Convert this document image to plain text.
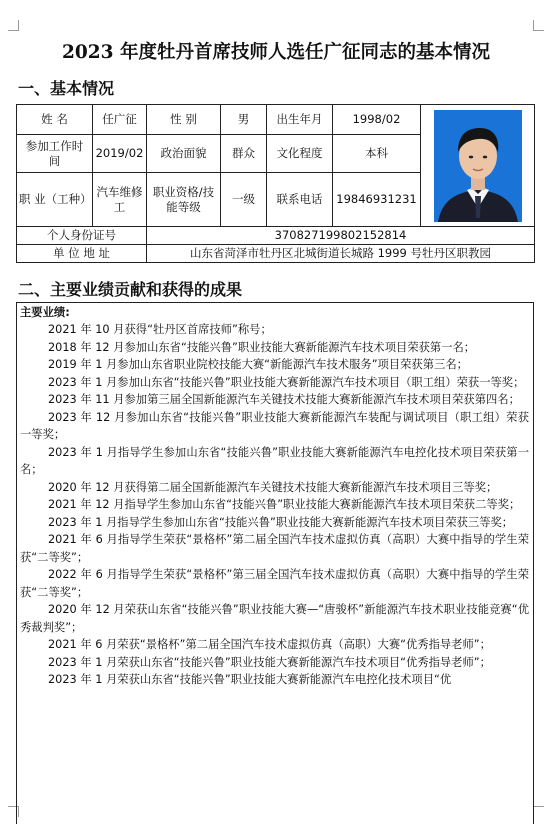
2023 年度牡丹首席技师人选任广征同志的基本情况
一、基本情况
姓 名	任广征	性 别	男	出生年月	1998/02	

参加工作时 间	2019/02	政治面貌	群众	文化程度	本科	
职 业（工种）	汽车维修工	职业资格/技能等级	一级	联系电话	19846931231	
个人身份证号		370827199802152814				
单 位 地 址		山东省菏泽市牡丹区北城街道长城路 1999 号牡丹区职教园				
二、主要业绩贡献和获得的成果
主要业绩:
2021 年 10 月获得“牡丹区首席技师”称号；
2018 年 12 月参加山东省“技能兴鲁”职业技能大赛新能源汽车技术项目荣获第一名；
2019 年 1 月参加山东省职业院校技能大赛“新能源汽车技术服务”项目荣获第三名；
2023 年 1 月参加山东省“技能兴鲁”职业技能大赛新能源汽车技术项目（职工组）荣获一等奖；
2023 年 11 月参加第三届全国新能源汽车关键技术技能大赛新能源汽车技术项目荣获第四名；
2023 年 12 月参加山东省“技能兴鲁”职业技能大赛新能源汽车装配与调试项目（职工组）荣获一等奖；
2023 年 1 月指导学生参加山东省“技能兴鲁”职业技能大赛新能源汽车电控化技术项目荣获第一名；
2020 年 12 月获得第二届全国新能源汽车关键技术技能大赛新能源汽车技术项目三等奖；
2021 年 12 月指导学生参加山东省“技能兴鲁”职业技能大赛新能源汽车技术项目荣获二等奖；
2023 年 1 月指导学生参加山东省“技能兴鲁”职业技能大赛新能源汽车技术项目荣获三等奖；
2021 年 6 月指导学生荣获“景格杯”第二届全国汽车技术虚拟仿真（高职）大赛中指导的学生荣获“二等奖”；
2022 年 6 月指导学生荣获“景格杯”第三届全国汽车技术虚拟仿真（高职）大赛中指导的学生荣获“二等奖”；
2020 年 12 月荣获山东省“技能兴鲁”职业技能大赛—“唐骏杯”新能源汽车技术职业技能竞赛“优秀裁判奖”；
2021 年 6 月荣获“景格杯”第二届全国汽车技术虚拟仿真（高职）大赛“优秀指导老师”；
2023 年 1 月荣获山东省“技能兴鲁”职业技能大赛新能源汽车技术项目“优秀指导老师”；
2023 年 1 月荣获山东省“技能兴鲁”职业技能大赛新能源汽车电控化技术项目“优
